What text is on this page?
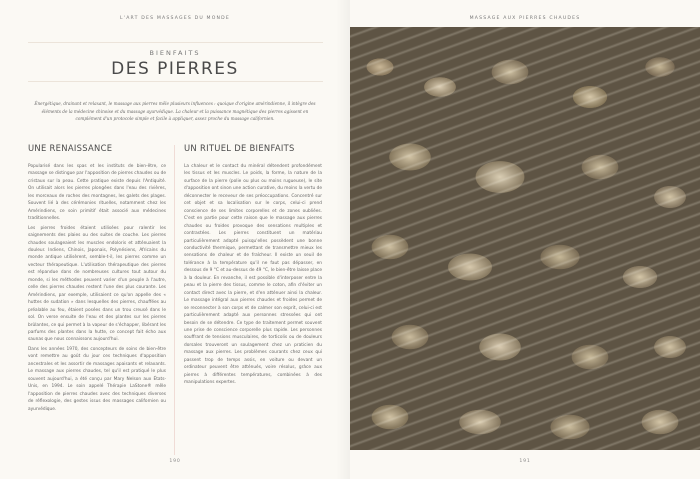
L'ART DES MASSAGES DU MONDE
BIENFAITS
DES PIERRES
Énergétique, drainant et relaxant, le massage aux pierres mêle plusieurs influences : quoique d'origine amérindienne, il intègre des éléments de la médecine chinoise et du massage ayurvédique. La chaleur et la puissance magnétique des pierres agissent en complément d'un protocole simple et facile à appliquer, assez proche du massage californien.
UNE RENAISSANCE

Popularisé dans les spas et les instituts de bien-être, ce massage se distingue par l'apposition de pierres chaudes ou de cristaux sur la peau. Cette pratique existe depuis l'Antiquité. On utilisait alors les pierres plongées dans l'eau des rivières, les morceaux de roches des montagnes, les galets des plages. Souvent lié à des cérémonies rituelles, notamment chez les Amérindiens, ce soin primitif était associé aux médecines traditionnelles.

Les pierres froides étaient utilisées pour ralentir les saignements des plaies ou des suites de couche. Les pierres chaudes soulageaient les muscles endoloris et atténuaient la douleur. Indiens, Chinois, Japonais, Polynésiens, Africains du monde antique utilisèrent, semble-t-il, les pierres comme un vecteur thérapeutique. L'utilisation thérapeutique des pierres est répandue dans de nombreuses cultures tout autour du monde, si les méthodes peuvent varier d'un peuple à l'autre, celle des pierres chaudes restent l'une des plus courante. Les Amérindiens, par exemple, utilisaient ce qu'on appelle des « huttes de sudation » dans lesquelles des pierres, chauffées au préalable au feu, étaient posées dans un trou creusé dans le sol. On verse ensuite de l'eau et des plantes sur les pierres brûlantes, ce qui permet à la vapeur de s'échapper, libérant les parfums des plantes dans la hutte, ce concept fait écho aux saunas que nous connaissons aujourd'hui.

Dans les années 1970, des concepteurs de soins de bien-être vont remettre au goût du jour ces techniques d'apposition ancestrales et les assortir de massages apaisants et relaxants. Le massage aux pierres chaudes, tel qu'il est pratiqué le plus souvent aujourd'hui, a été conçu par Mary Nelson aux États-Unis, en 1994. Le soin appelé Thérapie LaStone® mêle l'apposition de pierres chaudes avec des techniques diverses de réflexologie, des gestes issus des massages californien ou ayurvédique.

UN RITUEL DE BIENFAITS

La chaleur et le contact du minéral détendent profondément les tissus et les muscles. Le poids, la forme, la nature de la surface de la pierre (polie ou plus ou moins rugueuse), le site d'apposition ont sinon une action curative, du moins la vertu de déconnecter le receveur de ses préoccupations. Concentré sur cet objet et sa localisation sur le corps, celui-ci prend conscience de ses limites corporelles et de zones oubliées. C'est en partie pour cette raison que le massage aux pierres chaudes ou froides provoque des sensations multiples et contrastées. Les pierres constituent un matériau particulièrement adapté puisqu'elles possèdent une bonne conductivité thermique, permettant de transmettre mieux les sensations de chaleur et de fraîcheur. Il existe un seuil de tolérance à la température qu'il ne faut pas dépasser, en dessous de 9 °C et au-dessus de 49 °C, le bien-être laisse place à la douleur. En revanche, il est possible d'interposer entre la peau et la pierre des tissus, comme le coton, afin d'éviter un contact direct avec la pierre, et d'en atténuer ainsi la chaleur. Le massage intégral aux pierres chaudes et froides permet de se reconnecter à son corps et de calmer son esprit, celui-ci est particulièrement adapté aux personnes stressées qui ont besoin de se détendre. Ce type de traitement permet souvent une prise de conscience corporelle plus rapide. Les personnes souffrant de tensions musculaires, de torticolis ou de douleurs dorsales trouveront un soulagement chez un praticien du massage aux pierres. Les problèmes courants chez ceux qui passent trop de temps assis, en voiture ou devant un ordinateur peuvent être atténués, voire résolus, grâce aux pierres à différentes températures, combinées à des manipulations expertes.

190
MASSAGE AUX PIERRES CHAUDES
191
